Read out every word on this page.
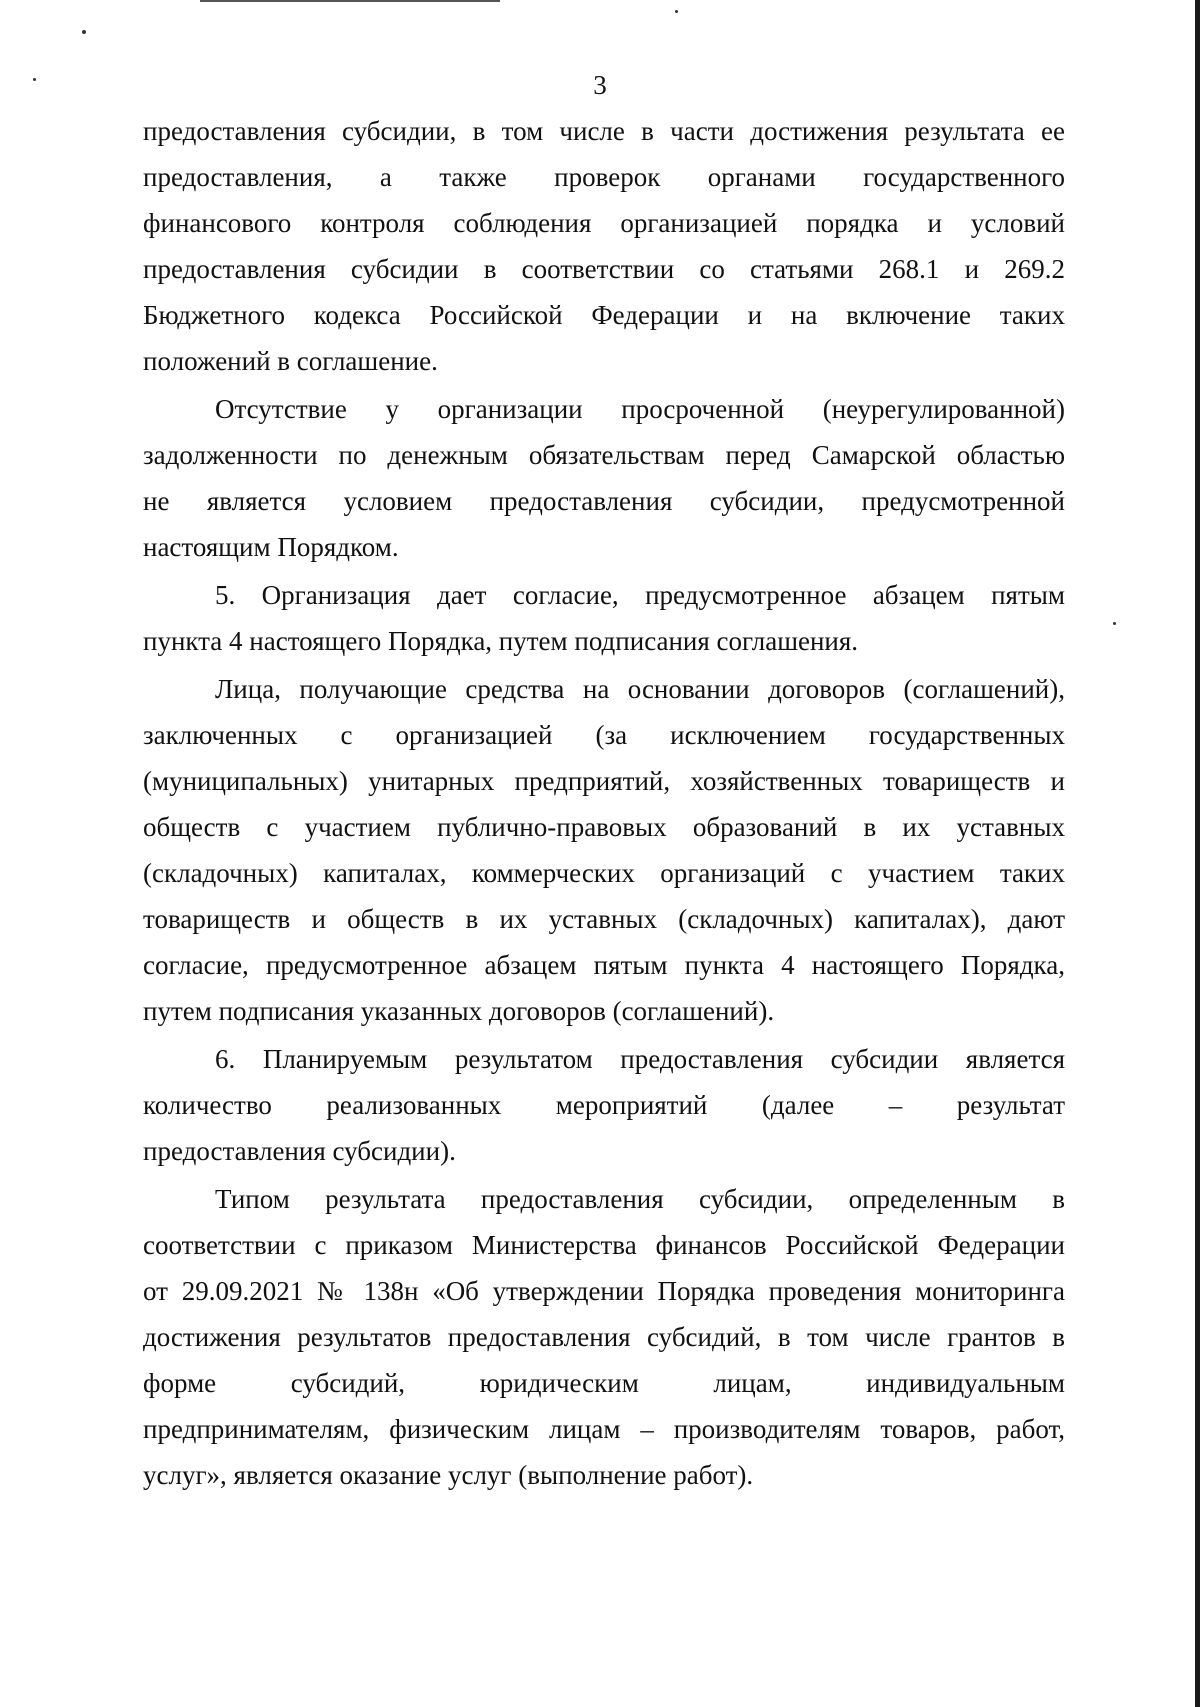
3

предоставления субсидии, в том числе в части достижения результата ее
предоставления, а также проверок органами государственного
финансового контроля соблюдения организацией порядка и условий
предоставления субсидии в соответствии со статьями 268.1 и 269.2
Бюджетного кодекса Российской Федерации и на включение таких
положений в соглашение.

Отсутствие у организации просроченной (неурегулированной)
задолженности по денежным обязательствам перед Самарской областью
не является условием предоставления субсидии, предусмотренной
настоящим Порядком.

5. Организация дает согласие, предусмотренное абзацем пятым
пункта 4 настоящего Порядка, путем подписания соглашения.

Лица, получающие средства на основании договоров (соглашений),
заключенных с организацией (за исключением государственных
(муниципальных) унитарных предприятий, хозяйственных товариществ и
обществ с участием публично-правовых образований в их уставных
(складочных) капиталах, коммерческих организаций с участием таких
товариществ и обществ в их уставных (складочных) капиталах), дают
согласие, предусмотренное абзацем пятым пункта 4 настоящего Порядка,
путем подписания указанных договоров (соглашений).

6. Планируемым результатом предоставления субсидии является
количество реализованных мероприятий (далее – результат
предоставления субсидии).

Типом результата предоставления субсидии, определенным в
соответствии с приказом Министерства финансов Российской Федерации
от 29.09.2021 № 138н «Об утверждении Порядка проведения мониторинга
достижения результатов предоставления субсидий, в том числе грантов в
форме субсидий, юридическим лицам, индивидуальным
предпринимателям, физическим лицам – производителям товаров, работ,
услуг», является оказание услуг (выполнение работ).
